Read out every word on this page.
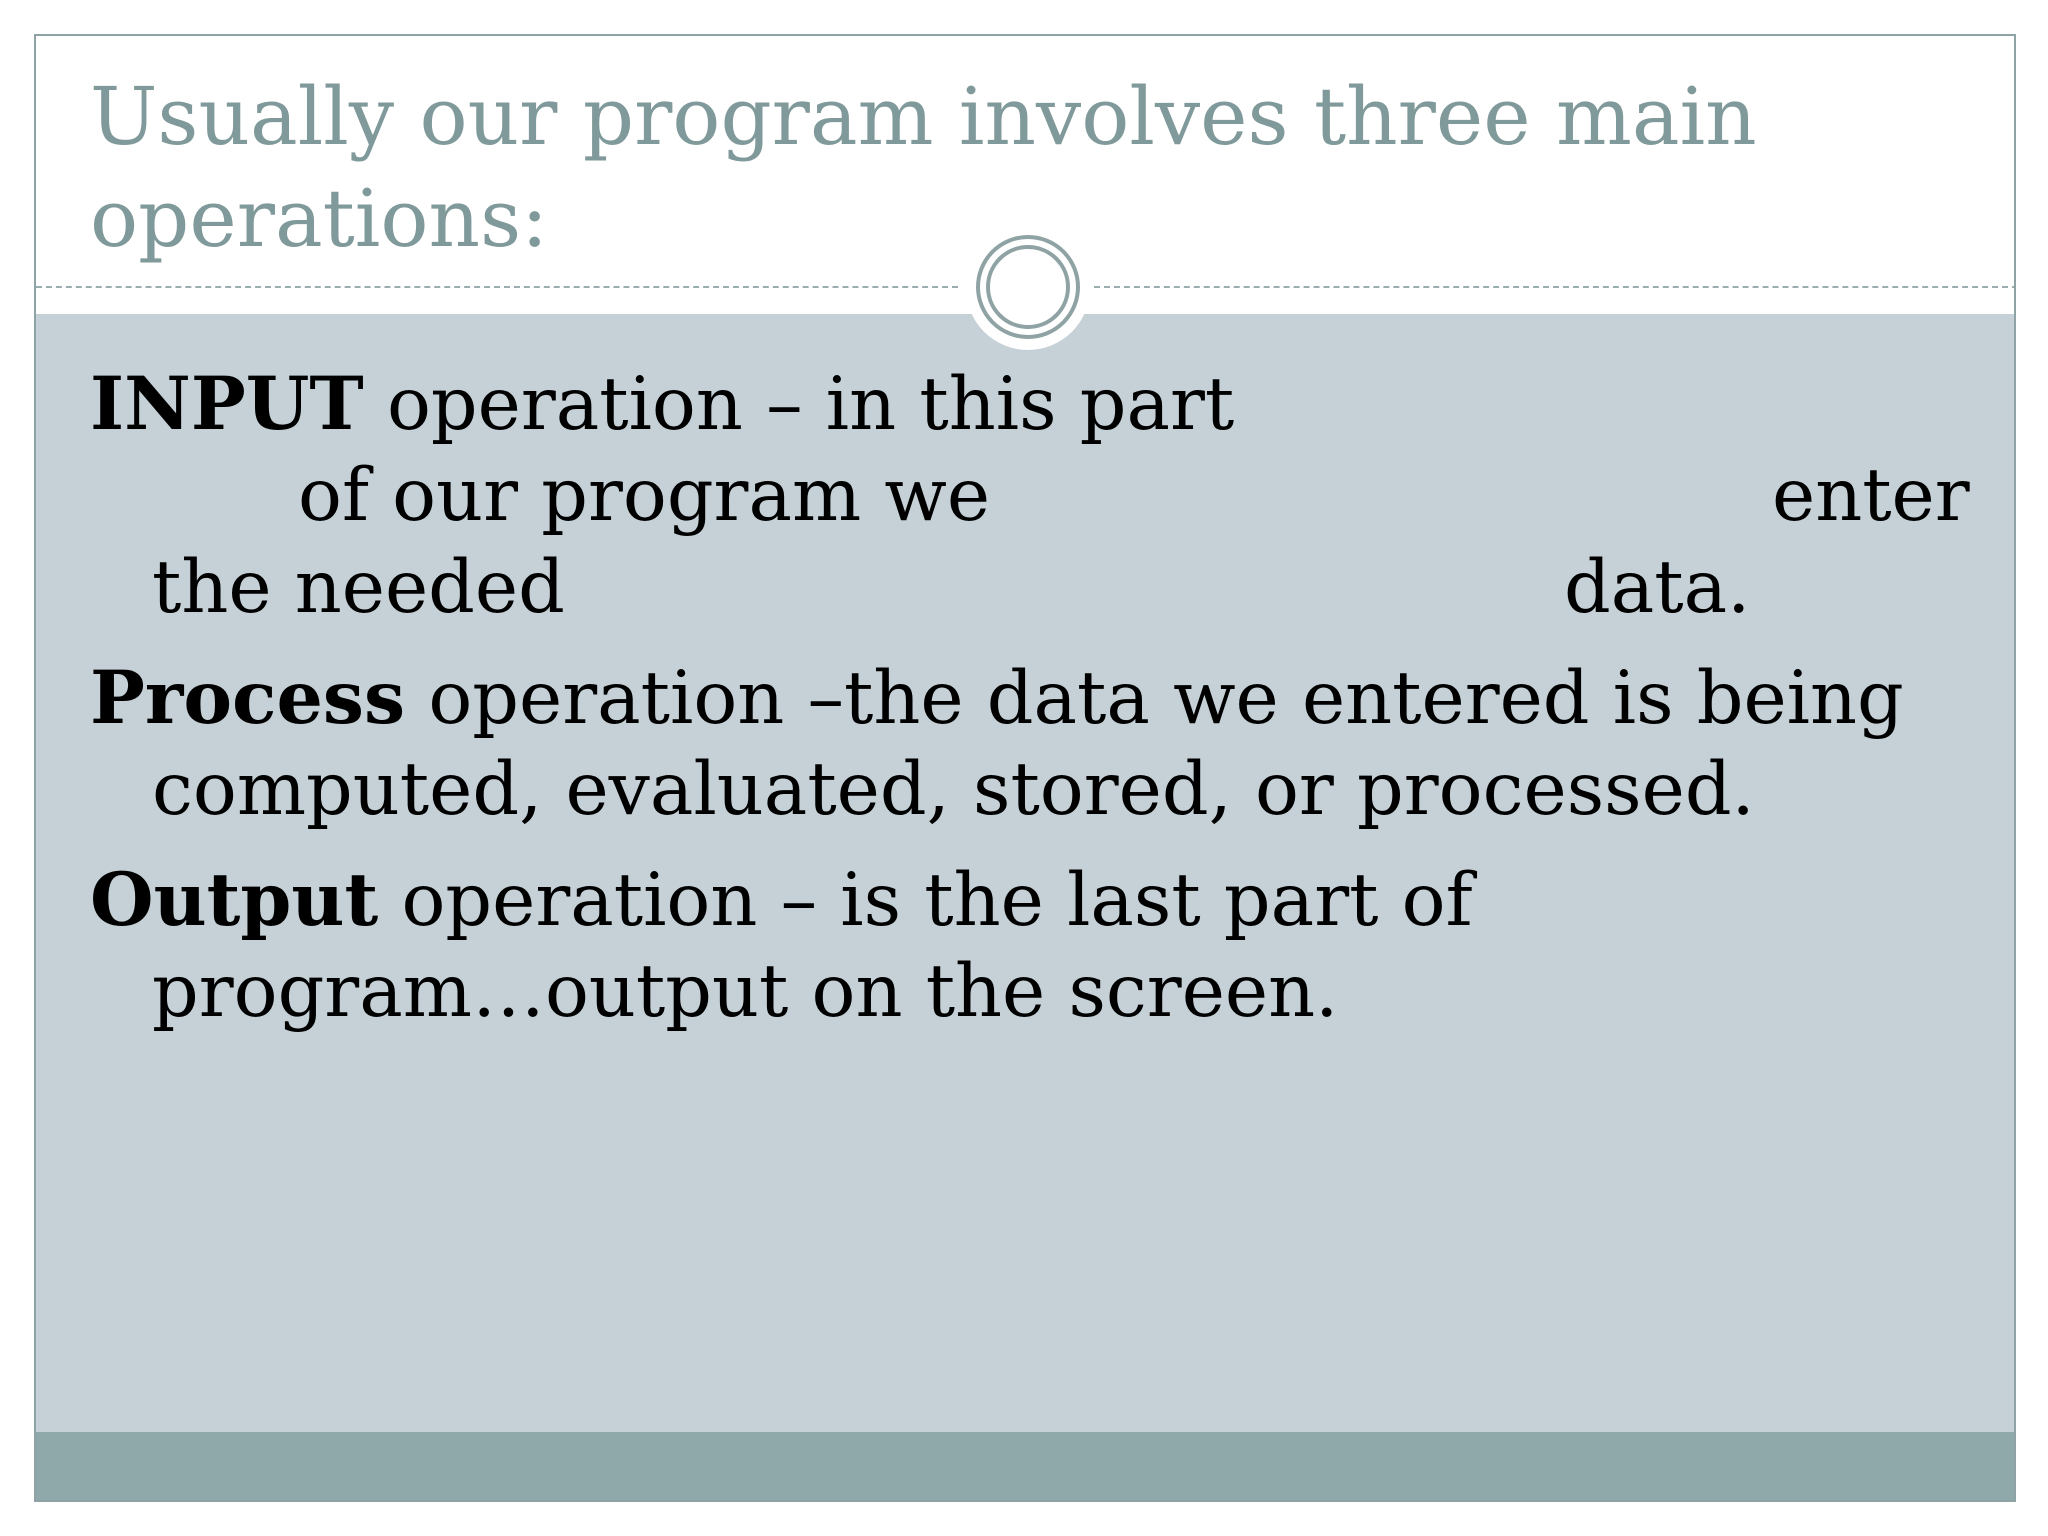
Usually our program involves three main operations:
INPUT operation – in this part
of our program we	enter
the needed	data.
Process operation –the data we entered is being
computed, evaluated, stored, or processed.
Output operation – is the last part of
program…output on the screen.
